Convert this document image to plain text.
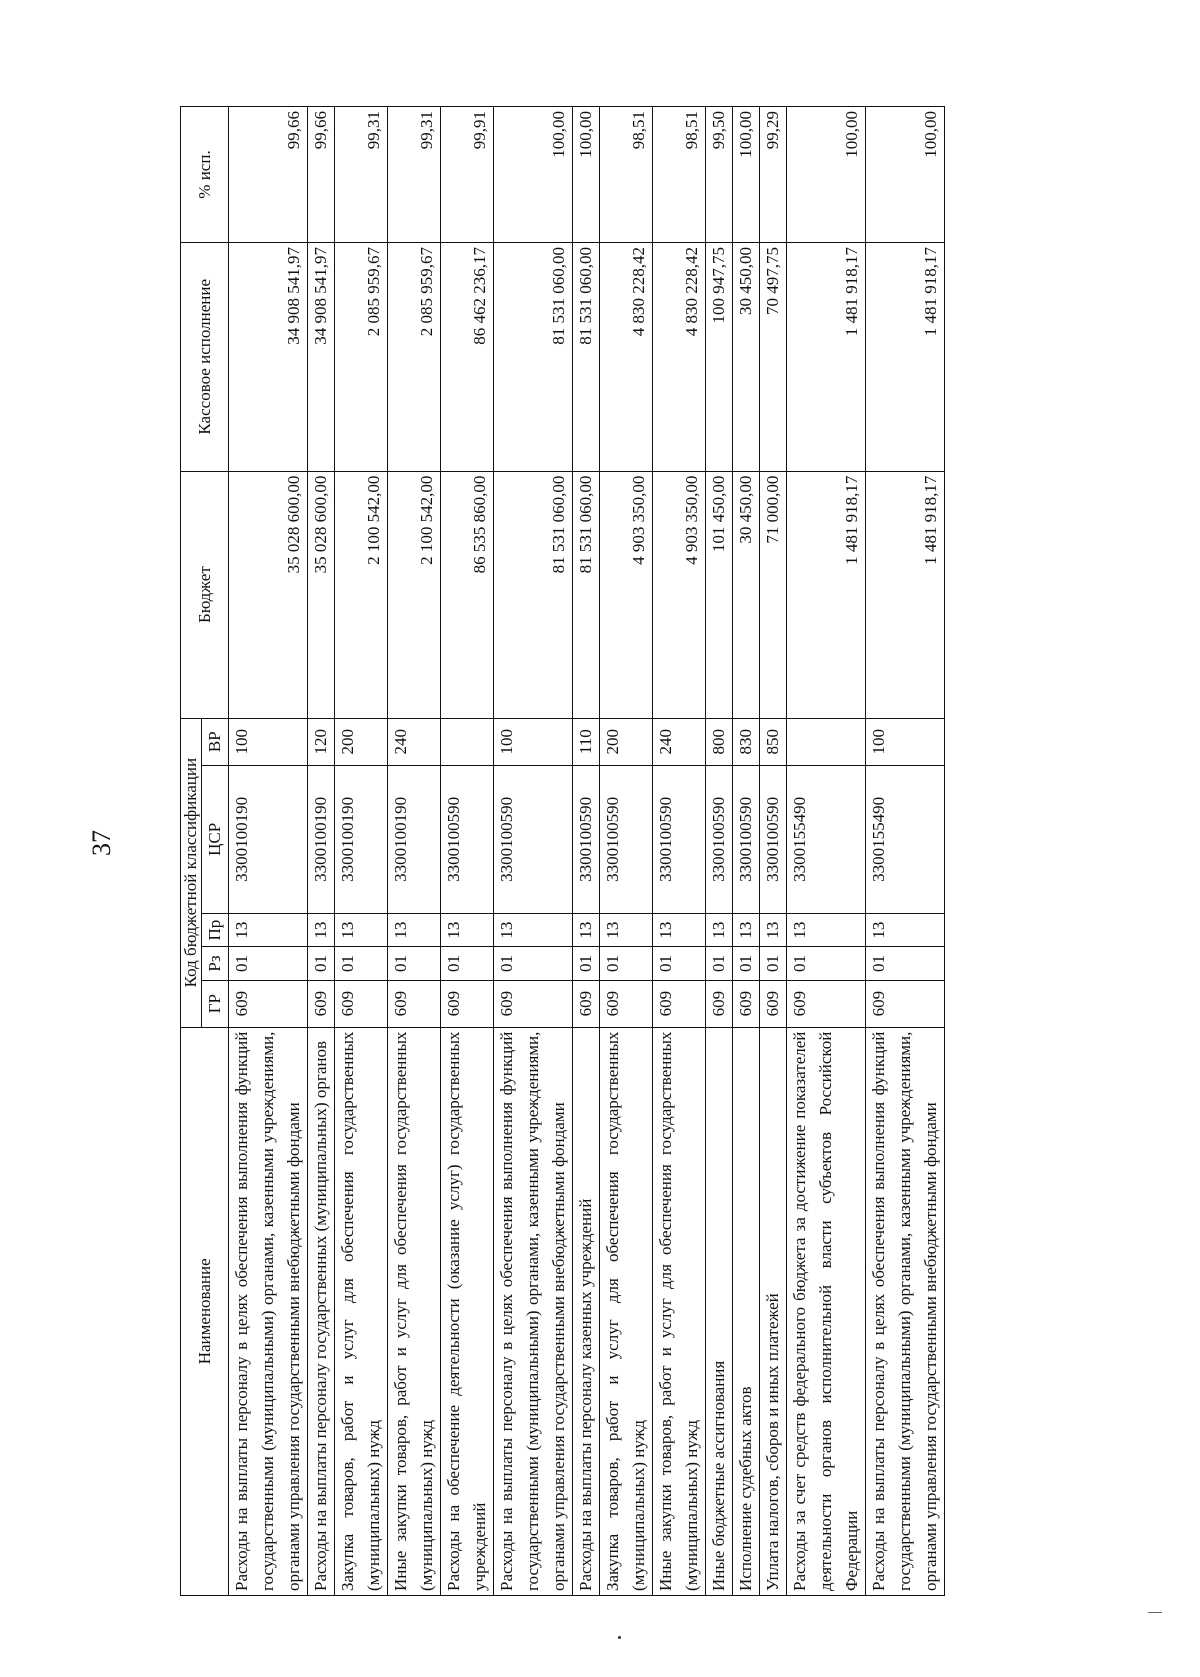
37
Наименование	Код бюджетной классификации					Бюджет	Кассовое исполнение	% исп.
	ГР	Рз	Пр	ЦСР	ВР			

Расходы на выплаты персоналу в целях обеспечения выполнения функций государственными (муниципальными) органами, казенными учреждениями, органами управления государственными внебюджетными фондами	609	01	13	3300100190	100	35 028 600,00	34 908 541,97	99,66
Расходы на выплаты персоналу государственных (муниципальных) органов	609	01	13	3300100190	120	35 028 600,00	34 908 541,97	99,66
Закупка товаров, работ и услуг для обеспечения государственных (муниципальных) нужд	609	01	13	3300100190	200	2 100 542,00	2 085 959,67	99,31
Иные закупки товаров, работ и услуг для обеспечения государственных (муниципальных) нужд	609	01	13	3300100190	240	2 100 542,00	2 085 959,67	99,31
Расходы на обеспечение деятельности (оказание услуг) государственных учреждений	609	01	13	3300100590		86 535 860,00	86 462 236,17	99,91
Расходы на выплаты персоналу в целях обеспечения выполнения функций государственными (муниципальными) органами, казенными учреждениями, органами управления государственными внебюджетными фондами	609	01	13	3300100590	100	81 531 060,00	81 531 060,00	100,00
Расходы на выплаты персоналу казенных учреждений	609	01	13	3300100590	110	81 531 060,00	81 531 060,00	100,00
Закупка товаров, работ и услуг для обеспечения государственных (муниципальных) нужд	609	01	13	3300100590	200	4 903 350,00	4 830 228,42	98,51
Иные закупки товаров, работ и услуг для обеспечения государственных (муниципальных) нужд	609	01	13	3300100590	240	4 903 350,00	4 830 228,42	98,51
Иные бюджетные ассигнования	609	01	13	3300100590	800	101 450,00	100 947,75	99,50
Исполнение судебных актов	609	01	13	3300100590	830	30 450,00	30 450,00	100,00
Уплата налогов, сборов и иных платежей	609	01	13	3300100590	850	71 000,00	70 497,75	99,29
Расходы за счет средств федерального бюджета за достижение показателей деятельности органов исполнительной власти субъектов Российской Федерации	609	01	13	3300155490		1 481 918,17	1 481 918,17	100,00
Расходы на выплаты персоналу в целях обеспечения выполнения функций государственными (муниципальными) органами, казенными учреждениями, органами управления государственными внебюджетными фондами	609	01	13	3300155490	100	1 481 918,17	1 481 918,17	100,00
